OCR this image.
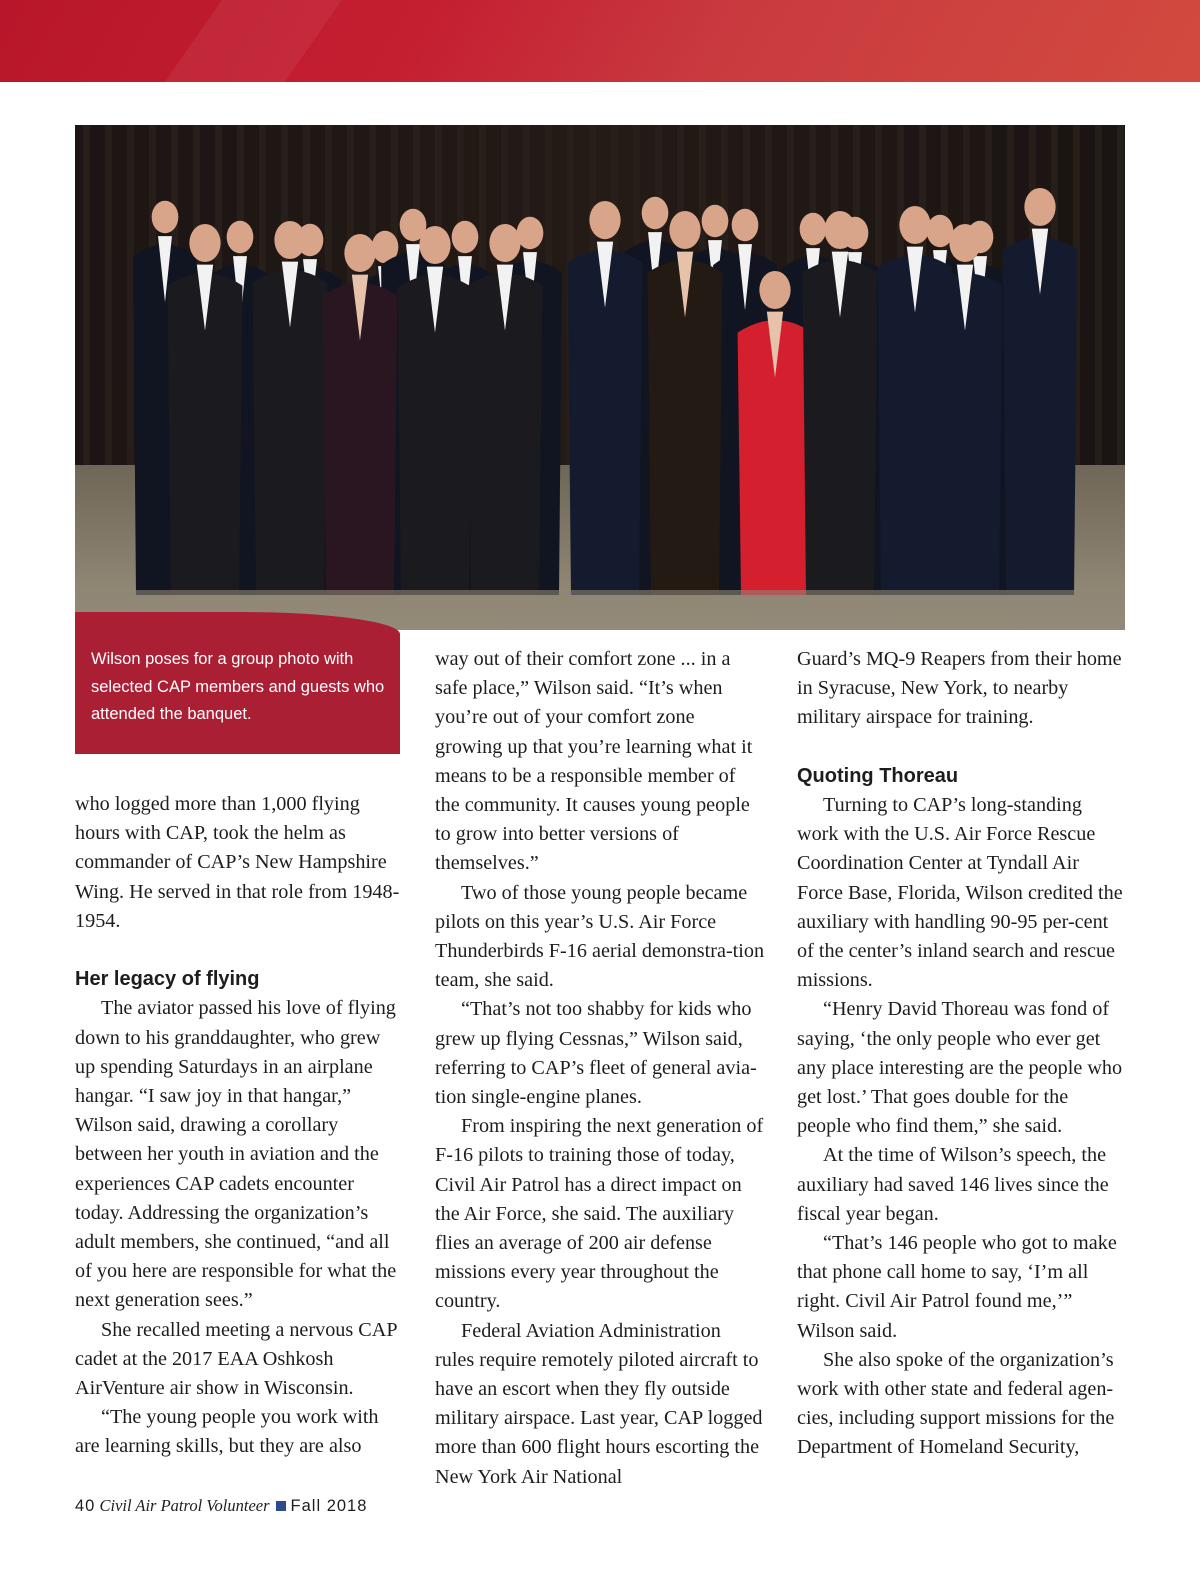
Wilson poses for a group photo with selected CAP members and guests who attended the banquet.

who logged more than 1,000 flying hours with CAP, took the helm as commander of CAP’s New Hampshire Wing. He served in that role from 1948-1954.

Her legacy of flying

The aviator passed his love of flying down to his granddaughter, who grew up spending Saturdays in an airplane hangar. “I saw joy in that hangar,” Wilson said, drawing a corollary between her youth in aviation and the experiences CAP cadets encounter today. Addressing the organization’s adult members, she continued, “and all of you here are responsible for what the next generation sees.”

She recalled meeting a nervous CAP cadet at the 2017 EAA Oshkosh AirVenture air show in Wisconsin.

“The young people you work with are learning skills, but they are also

way out of their comfort zone ... in a safe place,” Wilson said. “It’s when you’re out of your comfort zone growing up that you’re learning what it means to be a responsible member of the community. It causes young people to grow into better versions of themselves.”

Two of those young people became pilots on this year’s U.S. Air Force Thunderbirds F-16 aerial demonstra-tion team, she said.

“That’s not too shabby for kids who grew up flying Cessnas,” Wilson said, referring to CAP’s fleet of general avia-tion single-engine planes.

From inspiring the next generation of F-16 pilots to training those of today, Civil Air Patrol has a direct impact on the Air Force, she said. The auxiliary flies an average of 200 air defense missions every year throughout the country.

Federal Aviation Administration rules require remotely piloted aircraft to have an escort when they fly outside military airspace. Last year, CAP logged more than 600 flight hours escorting the New York Air National

Guard’s MQ-9 Reapers from their home in Syracuse, New York, to nearby military airspace for training.

Quoting Thoreau

Turning to CAP’s long-standing work with the U.S. Air Force Rescue Coordination Center at Tyndall Air Force Base, Florida, Wilson credited the auxiliary with handling 90-95 per-cent of the center’s inland search and rescue missions.

“Henry David Thoreau was fond of saying, ‘the only people who ever get any place interesting are the people who get lost.’ That goes double for the people who find them,” she said.

At the time of Wilson’s speech, the auxiliary had saved 146 lives since the fiscal year began.

“That’s 146 people who got to make that phone call home to say, ‘I’m all right. Civil Air Patrol found me,’” Wilson said.

She also spoke of the organization’s work with other state and federal agen-cies, including support missions for the Department of Homeland Security,

40 Civil Air Patrol Volunteer Fall 2018
